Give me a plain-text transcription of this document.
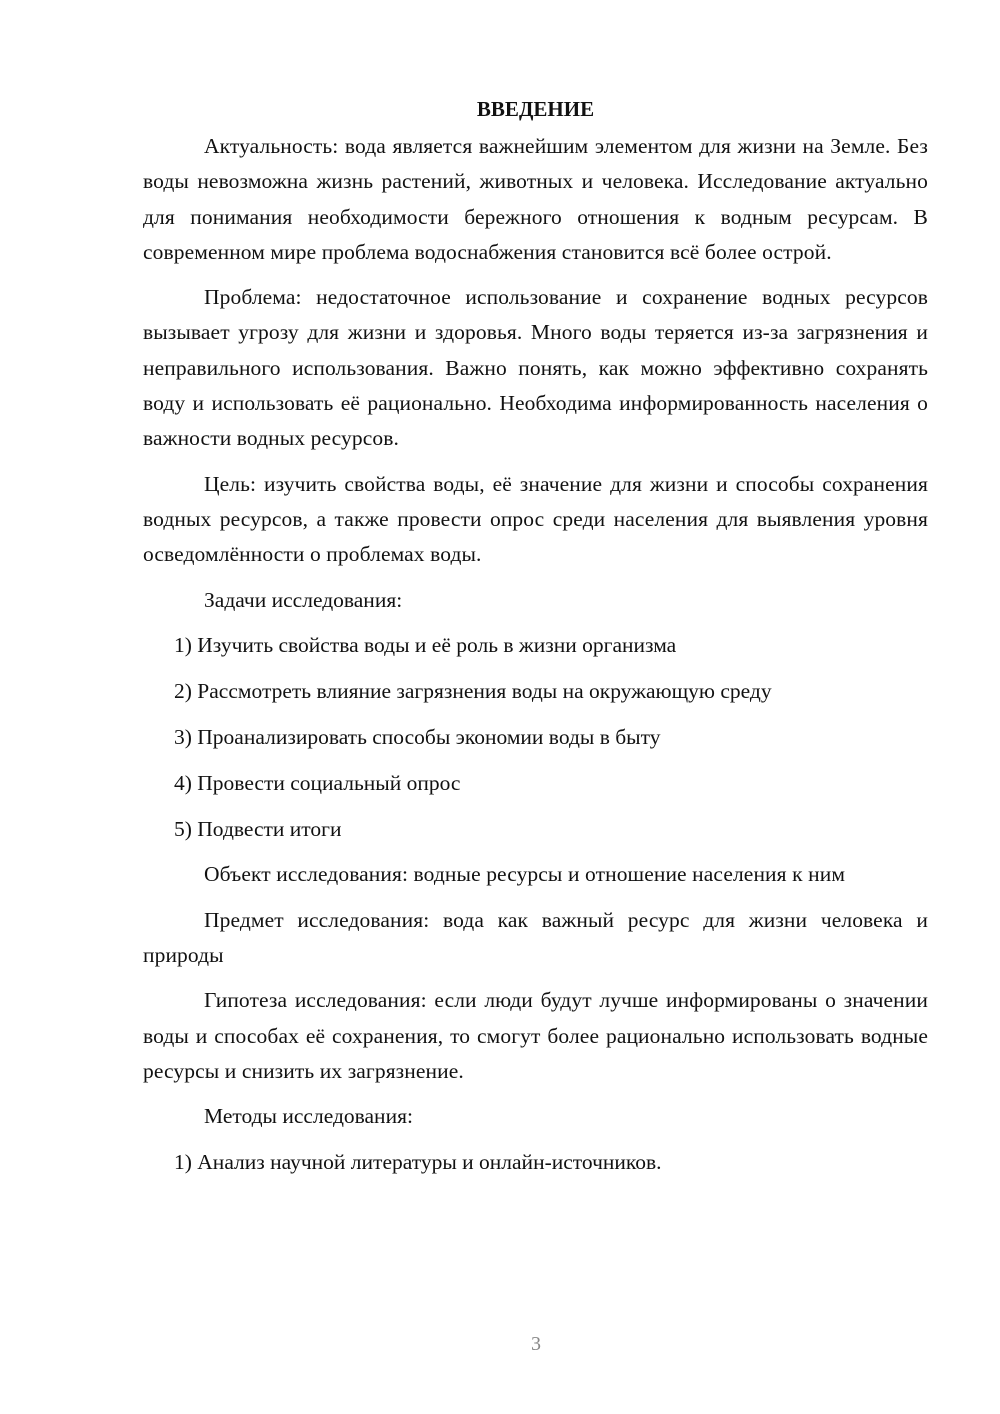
ВВЕДЕНИЕ

Актуальность: вода является важнейшим элементом для жизни на Земле. Без воды невозможна жизнь растений, животных и человека. Исследование актуально для понимания необходимости бережного отношения к водным ресурсам. В современном мире проблема водоснабжения становится всё более острой.

Проблема: недостаточное использование и сохранение водных ресурсов вызывает угрозу для жизни и здоровья. Много воды теряется из-за загрязнения и неправильного использования. Важно понять, как можно эффективно сохранять воду и использовать её рационально. Необходима информированность населения о важности водных ресурсов.

Цель: изучить свойства воды, её значение для жизни и способы сохранения водных ресурсов, а также провести опрос среди населения для выявления уровня осведомлённости о проблемах воды.

Задачи исследования:
1) Изучить свойства воды и её роль в жизни организма
2) Рассмотреть влияние загрязнения воды на окружающую среду
3) Проанализировать способы экономии воды в быту
4) Провести социальный опрос
5) Подвести итоги

Объект исследования: водные ресурсы и отношение населения к ним

Предмет исследования: вода как важный ресурс для жизни человека и природы

Гипотеза исследования: если люди будут лучше информированы о значении воды и способах её сохранения, то смогут более рационально использовать водные ресурсы и снизить их загрязнение.

Методы исследования:
1) Анализ научной литературы и онлайн-источников.
3
